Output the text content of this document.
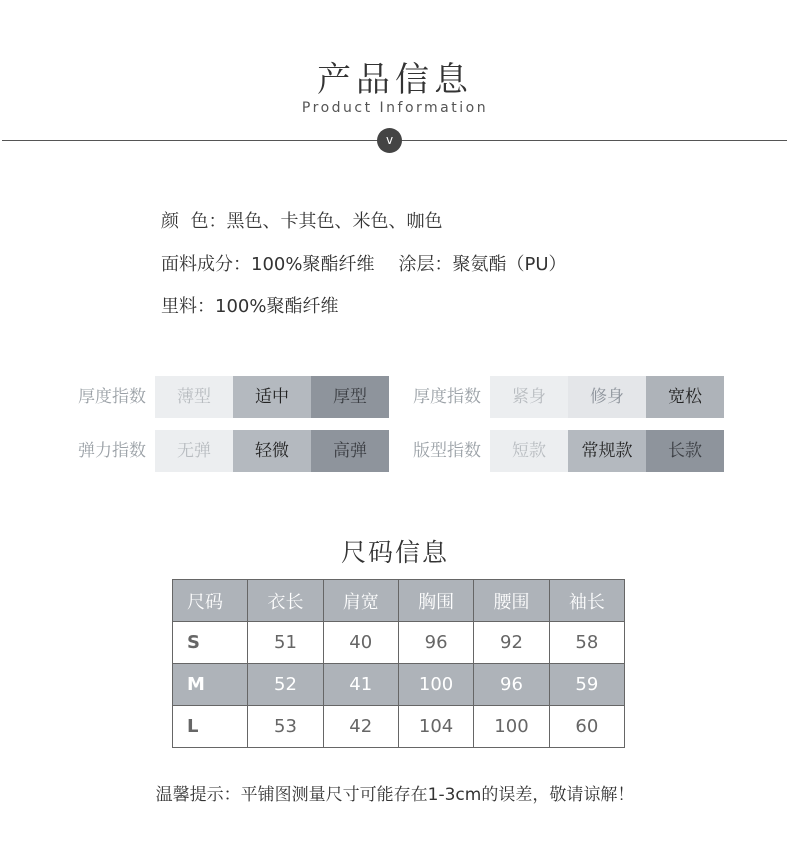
产品信息
Product Information
v
颜  色：黑色、卡其色、米色、咖色
面料成分：100%聚酯纤维 涂层：聚氨酯（PU）
里料：100%聚酯纤维
厚度指数	薄型	适中	厚型	厚度指数	紧身	修身	宽松
弹力指数	无弹	轻微	高弹	版型指数	短款	常规款	长款
尺码信息
尺码	衣长	肩宽	胸围	腰围	袖长
S	51	40	96	92	58
M	52	41	100	96	59
L	53	42	104	100	60
温馨提示：平铺图测量尺寸可能存在1-3cm的误差，敬请谅解！
